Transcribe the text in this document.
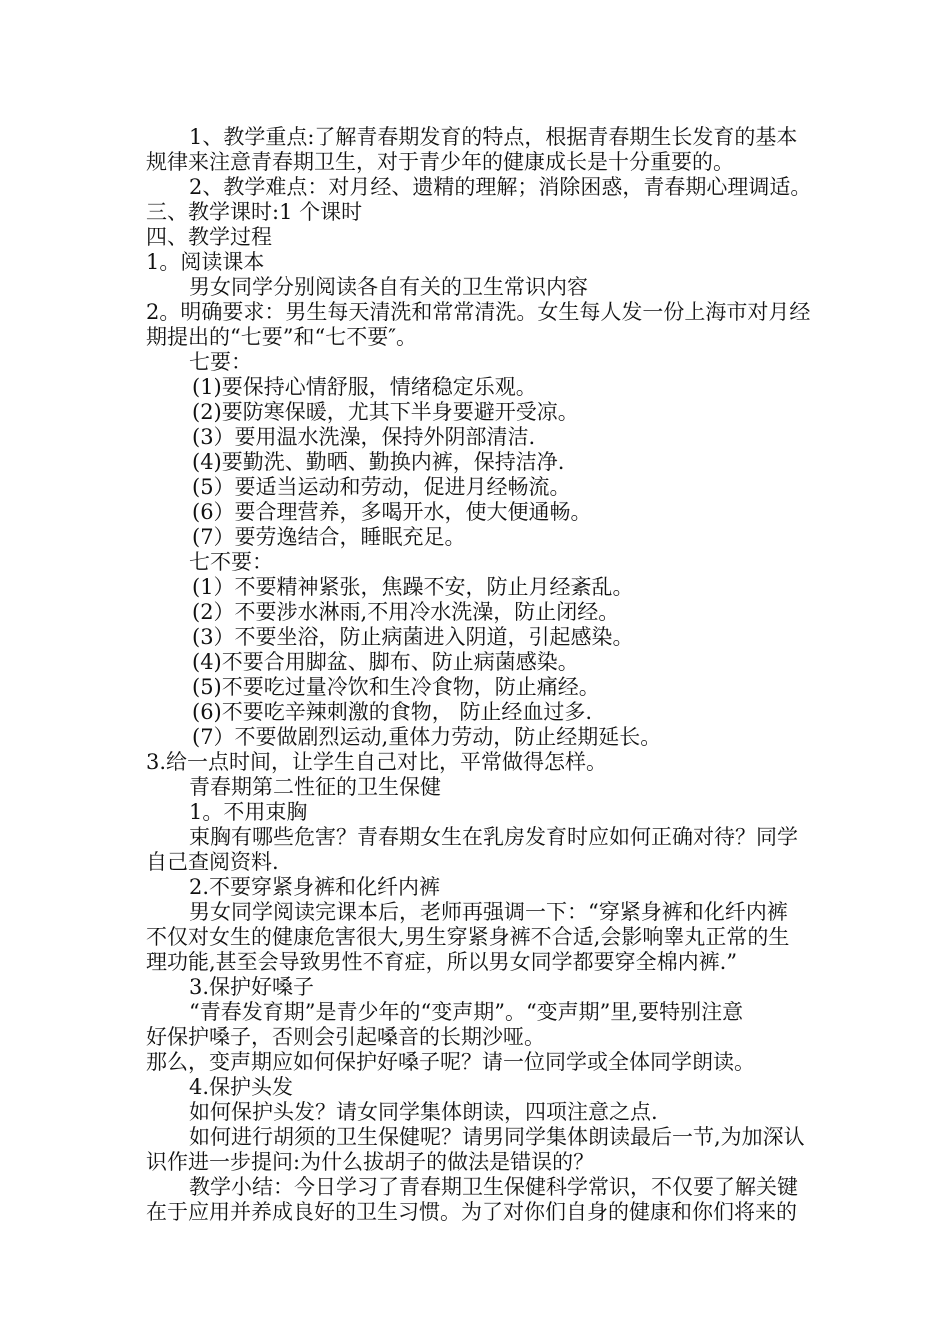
1、教学重点:了解青春期发育的特点，根据青春期生长发育的基本
规律来注意青春期卫生，对于青少年的健康成长是十分重要的。
2、教学难点：对月经、遗精的理解；消除困惑，青春期心理调适。
三、教学课时:1 个课时
四、教学过程
1。阅读课本
男女同学分别阅读各自有关的卫生常识内容
2。明确要求：男生每天清洗和常常清洗。女生每人发一份上海市对月经
期提出的“七要”和“七不要″。
七要：
(1)要保持心情舒服，情绪稳定乐观。
(2)要防寒保暖，尤其下半身要避开受凉。
(3）要用温水洗澡，保持外阴部清洁.
(4)要勤洗、勤晒、勤换内裤，保持洁净.
(5）要适当运动和劳动，促进月经畅流。
(6）要合理营养，多喝开水，使大便通畅。
(7）要劳逸结合，睡眠充足。
七不要：
(1）不要精神紧张，焦躁不安，防止月经紊乱。
(2）不要涉水淋雨,不用冷水洗澡，防止闭经。
(3）不要坐浴，防止病菌进入阴道，引起感染。
(4)不要合用脚盆、脚布、防止病菌感染。
(5)不要吃过量冷饮和生冷食物，防止痛经。
(6)不要吃辛辣刺激的食物， 防止经血过多.
(7）不要做剧烈运动,重体力劳动，防止经期延长。
3.给一点时间，让学生自己对比，平常做得怎样。
青春期第二性征的卫生保健
1。不用束胸
束胸有哪些危害？青春期女生在乳房发育时应如何正确对待？同学
自己查阅资料.
2.不要穿紧身裤和化纤内裤
男女同学阅读完课本后，老师再强调一下：“穿紧身裤和化纤内裤
不仅对女生的健康危害很大,男生穿紧身裤不合适,会影响睾丸正常的生
理功能,甚至会导致男性不育症，所以男女同学都要穿全棉内裤.”
3.保护好嗓子
“青春发育期”是青少年的“变声期”。“变声期”里,要特别注意
好保护嗓子，否则会引起嗓音的长期沙哑。
那么，变声期应如何保护好嗓子呢？请一位同学或全体同学朗读。
4.保护头发
如何保护头发？请女同学集体朗读，四项注意之点.
如何进行胡须的卫生保健呢？请男同学集体朗读最后一节,为加深认
识作进一步提问:为什么拔胡子的做法是错误的？
教学小结：今日学习了青春期卫生保健科学常识，不仅要了解关键
在于应用并养成良好的卫生习惯。为了对你们自身的健康和你们将来的
